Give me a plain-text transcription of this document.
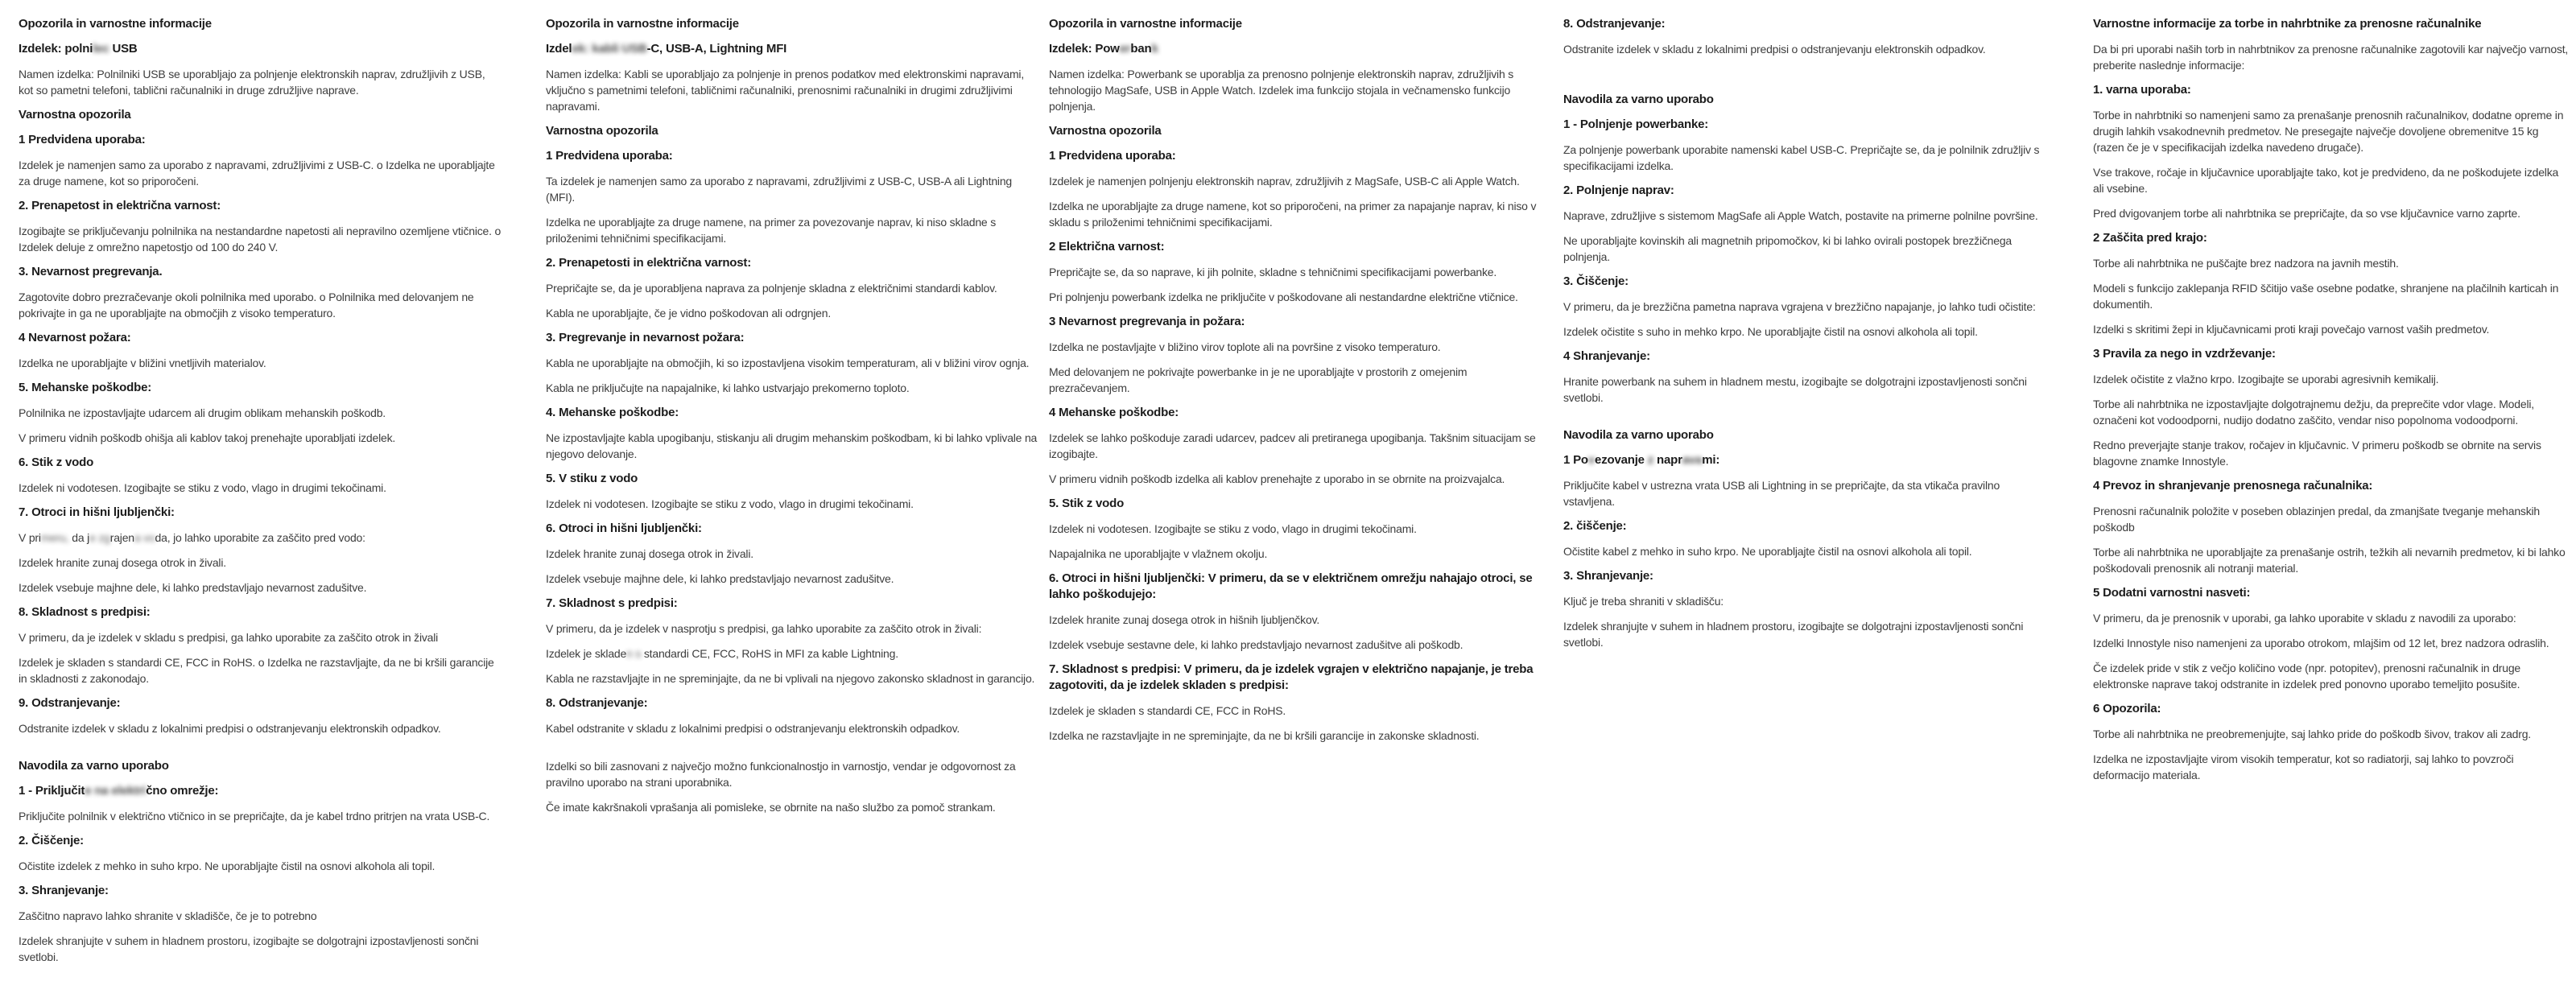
Opozorila in varnostne informacije
Izdelek: polnilec USB

Namen izdelka: Polnilniki USB se uporabljajo za polnjenje elektronskih naprav, združljivih z USB, kot so pametni telefoni, tablični računalniki in druge združljive naprave.

Varnostna opozorila
1 Predvidena uporaba:

Izdelek je namenjen samo za uporabo z napravami, združljivimi z USB-C. o Izdelka ne uporabljajte za druge namene, kot so priporočeni.

2. Prenapetost in električna varnost:

Izogibajte se priključevanju polnilnika na nestandardne napetosti ali nepravilno ozemljene vtičnice. o Izdelek deluje z omrežno napetostjo od 100 do 240 V.

3. Nevarnost pregrevanja.

Zagotovite dobro prezračevanje okoli polnilnika med uporabo. o Polnilnika med delovanjem ne pokrivajte in ga ne uporabljajte na območjih z visoko temperaturo.

4 Nevarnost požara:

Izdelka ne uporabljajte v bližini vnetljivih materialov.

5. Mehanske poškodbe:

Polnilnika ne izpostavljajte udarcem ali drugim oblikam mehanskih poškodb.

V primeru vidnih poškodb ohišja ali kablov takoj prenehajte uporabljati izdelek.

6. Stik z vodo

Izdelek ni vodotesen. Izogibajte se stiku z vodo, vlago in drugimi tekočinami.

7. Otroci in hišni ljubljenčki:

V primeru, da je zgrajena voda, jo lahko uporabite za zaščito pred vodo:

Izdelek hranite zunaj dosega otrok in živali.

Izdelek vsebuje majhne dele, ki lahko predstavljajo nevarnost zadušitve.

8. Skladnost s predpisi:

V primeru, da je izdelek v skladu s predpisi, ga lahko uporabite za zaščito otrok in živali

Izdelek je skladen s standardi CE, FCC in RoHS. o Izdelka ne razstavljajte, da ne bi kršili garancije in skladnosti z zakonodajo.

9. Odstranjevanje:

Odstranite izdelek v skladu z lokalnimi predpisi o odstranjevanju elektronskih odpadkov.

Navodila za varno uporabo
1 - Priključite na električno omrežje:

Priključite polnilnik v električno vtičnico in se prepričajte, da je kabel trdno pritrjen na vrata USB-C.

2. Čiščenje:

Očistite izdelek z mehko in suho krpo. Ne uporabljajte čistil na osnovi alkohola ali topil.

3. Shranjevanje:

Zaščitno napravo lahko shranite v skladišče, če je to potrebno

Izdelek shranjujte v suhem in hladnem prostoru, izogibajte se dolgotrajni izpostavljenosti sončni svetlobi.

Opozorila in varnostne informacije
Izdelek: kabli USB-C, USB-A, Lightning MFI

Namen izdelka: Kabli se uporabljajo za polnjenje in prenos podatkov med elektronskimi napravami, vključno s pametnimi telefoni, tabličnimi računalniki, prenosnimi računalniki in drugimi združljivimi napravami.

Varnostna opozorila
1 Predvidena uporaba:

Ta izdelek je namenjen samo za uporabo z napravami, združljivimi z USB-C, USB-A ali Lightning (MFI).

Izdelka ne uporabljajte za druge namene, na primer za povezovanje naprav, ki niso skladne s priloženimi tehničnimi specifikacijami.

2. Prenapetosti in električna varnost:

Prepričajte se, da je uporabljena naprava za polnjenje skladna z električnimi standardi kablov.

Kabla ne uporabljajte, če je vidno poškodovan ali odrgnjen.

3. Pregrevanje in nevarnost požara:

Kabla ne uporabljajte na območjih, ki so izpostavljena visokim temperaturam, ali v bližini virov ognja.

Kabla ne priključujte na napajalnike, ki lahko ustvarjajo prekomerno toploto.

4. Mehanske poškodbe:

Ne izpostavljajte kabla upogibanju, stiskanju ali drugim mehanskim poškodbam, ki bi lahko vplivale na njegovo delovanje.

5. V stiku z vodo

Izdelek ni vodotesen. Izogibajte se stiku z vodo, vlago in drugimi tekočinami.

6. Otroci in hišni ljubljenčki:

Izdelek hranite zunaj dosega otrok in živali.

Izdelek vsebuje majhne dele, ki lahko predstavljajo nevarnost zadušitve.

7. Skladnost s predpisi:

V primeru, da je izdelek v nasprotju s predpisi, ga lahko uporabite za zaščito otrok in živali:

Izdelek je skladen s standardi CE, FCC, RoHS in MFI za kable Lightning.

Kabla ne razstavljajte in ne spreminjajte, da ne bi vplivali na njegovo zakonsko skladnost in garancijo.

8. Odstranjevanje:

Kabel odstranite v skladu z lokalnimi predpisi o odstranjevanju elektronskih odpadkov.

Izdelki so bili zasnovani z največjo možno funkcionalnostjo in varnostjo, vendar je odgovornost za pravilno uporabo na strani uporabnika.

Če imate kakršnakoli vprašanja ali pomisleke, se obrnite na našo službo za pomoč strankam.

Opozorila in varnostne informacije
Izdelek: Powerbank

Namen izdelka: Powerbank se uporablja za prenosno polnjenje elektronskih naprav, združljivih s tehnologijo MagSafe, USB in Apple Watch. Izdelek ima funkcijo stojala in večnamensko funkcijo polnjenja.

Varnostna opozorila
1 Predvidena uporaba:

Izdelek je namenjen polnjenju elektronskih naprav, združljivih z MagSafe, USB-C ali Apple Watch.

Izdelka ne uporabljajte za druge namene, kot so priporočeni, na primer za napajanje naprav, ki niso v skladu s priloženimi tehničnimi specifikacijami.

2 Električna varnost:

Prepričajte se, da so naprave, ki jih polnite, skladne s tehničnimi specifikacijami powerbanke.

Pri polnjenju powerbank izdelka ne priključite v poškodovane ali nestandardne električne vtičnice.

3 Nevarnost pregrevanja in požara:

Izdelka ne postavljajte v bližino virov toplote ali na površine z visoko temperaturo.

Med delovanjem ne pokrivajte powerbanke in je ne uporabljajte v prostorih z omejenim prezračevanjem.

4 Mehanske poškodbe:

Izdelek se lahko poškoduje zaradi udarcev, padcev ali pretiranega upogibanja. Takšnim situacijam se izogibajte.

V primeru vidnih poškodb izdelka ali kablov prenehajte z uporabo in se obrnite na proizvajalca.

5. Stik z vodo

Izdelek ni vodotesen. Izogibajte se stiku z vodo, vlago in drugimi tekočinami.

Napajalnika ne uporabljajte v vlažnem okolju.

6. Otroci in hišni ljubljenčki: V primeru, da se v električnem omrežju nahajajo otroci, se lahko poškodujejo:

Izdelek hranite zunaj dosega otrok in hišnih ljubljenčkov.

Izdelek vsebuje sestavne dele, ki lahko predstavljajo nevarnost zadušitve ali poškodb.

7. Skladnost s predpisi: V primeru, da je izdelek vgrajen v električno napajanje, je treba zagotoviti, da je izdelek skladen s predpisi:

Izdelek je skladen s standardi CE, FCC in RoHS.

Izdelka ne razstavljajte in ne spreminjajte, da ne bi kršili garancije in zakonske skladnosti.

8. Odstranjevanje:

Odstranite izdelek v skladu z lokalnimi predpisi o odstranjevanju elektronskih odpadkov.

Navodila za varno uporabo
1 - Polnjenje powerbanke:

Za polnjenje powerbank uporabite namenski kabel USB-C. Prepričajte se, da je polnilnik združljiv s specifikacijami izdelka.

2. Polnjenje naprav:

Naprave, združljive s sistemom MagSafe ali Apple Watch, postavite na primerne polnilne površine.

Ne uporabljajte kovinskih ali magnetnih pripomočkov, ki bi lahko ovirali postopek brezžičnega polnjenja.

3. Čiščenje:

V primeru, da je brezžična pametna naprava vgrajena v brezžično napajanje, jo lahko tudi očistite:

Izdelek očistite s suho in mehko krpo. Ne uporabljajte čistil na osnovi alkohola ali topil.

4 Shranjevanje:

Hranite powerbank na suhem in hladnem mestu, izogibajte se dolgotrajni izpostavljenosti sončni svetlobi.

Navodila za varno uporabo
1 Povezovanje z napravami:

Priključite kabel v ustrezna vrata USB ali Lightning in se prepričajte, da sta vtikača pravilno vstavljena.

2. čiščenje:

Očistite kabel z mehko in suho krpo. Ne uporabljajte čistil na osnovi alkohola ali topil.

3. Shranjevanje:

Ključ je treba shraniti v skladišču:

Izdelek shranjujte v suhem in hladnem prostoru, izogibajte se dolgotrajni izpostavljenosti sončni svetlobi.

Varnostne informacije za torbe in nahrbtnike za prenosne računalnike

Da bi pri uporabi naših torb in nahrbtnikov za prenosne računalnike zagotovili kar največjo varnost, preberite naslednje informacije:

1. varna uporaba:

Torbe in nahrbtniki so namenjeni samo za prenašanje prenosnih računalnikov, dodatne opreme in drugih lahkih vsakodnevnih predmetov. Ne presegajte največje dovoljene obremenitve 15 kg (razen če je v specifikacijah izdelka navedeno drugače).

Vse trakove, ročaje in ključavnice uporabljajte tako, kot je predvideno, da ne poškodujete izdelka ali vsebine.

Pred dvigovanjem torbe ali nahrbtnika se prepričajte, da so vse ključavnice varno zaprte.

2 Zaščita pred krajo:

Torbe ali nahrbtnika ne puščajte brez nadzora na javnih mestih.

Modeli s funkcijo zaklepanja RFID ščitijo vaše osebne podatke, shranjene na plačilnih karticah in dokumentih.

Izdelki s skritimi žepi in ključavnicami proti kraji povečajo varnost vaših predmetov.

3 Pravila za nego in vzdrževanje:

Izdelek očistite z vlažno krpo. Izogibajte se uporabi agresivnih kemikalij.

Torbe ali nahrbtnika ne izpostavljajte dolgotrajnemu dežju, da preprečite vdor vlage. Modeli, označeni kot vodoodporni, nudijo dodatno zaščito, vendar niso popolnoma vodoodporni.

Redno preverjajte stanje trakov, ročajev in ključavnic. V primeru poškodb se obrnite na servis blagovne znamke Innostyle.

4 Prevoz in shranjevanje prenosnega računalnika:

Prenosni računalnik položite v poseben oblazinjen predal, da zmanjšate tveganje mehanskih poškodb

Torbe ali nahrbtnika ne uporabljajte za prenašanje ostrih, težkih ali nevarnih predmetov, ki bi lahko poškodovali prenosnik ali notranji material.

5 Dodatni varnostni nasveti:

V primeru, da je prenosnik v uporabi, ga lahko uporabite v skladu z navodili za uporabo:

Izdelki Innostyle niso namenjeni za uporabo otrokom, mlajšim od 12 let, brez nadzora odraslih.

Če izdelek pride v stik z večjo količino vode (npr. potopitev), prenosni računalnik in druge elektronske naprave takoj odstranite in izdelek pred ponovno uporabo temeljito posušite.

6 Opozorila:

Torbe ali nahrbtnika ne preobremenjujte, saj lahko pride do poškodb šivov, trakov ali zadrg.

Izdelka ne izpostavljajte virom visokih temperatur, kot so radiatorji, saj lahko to povzroči deformacijo materiala.
